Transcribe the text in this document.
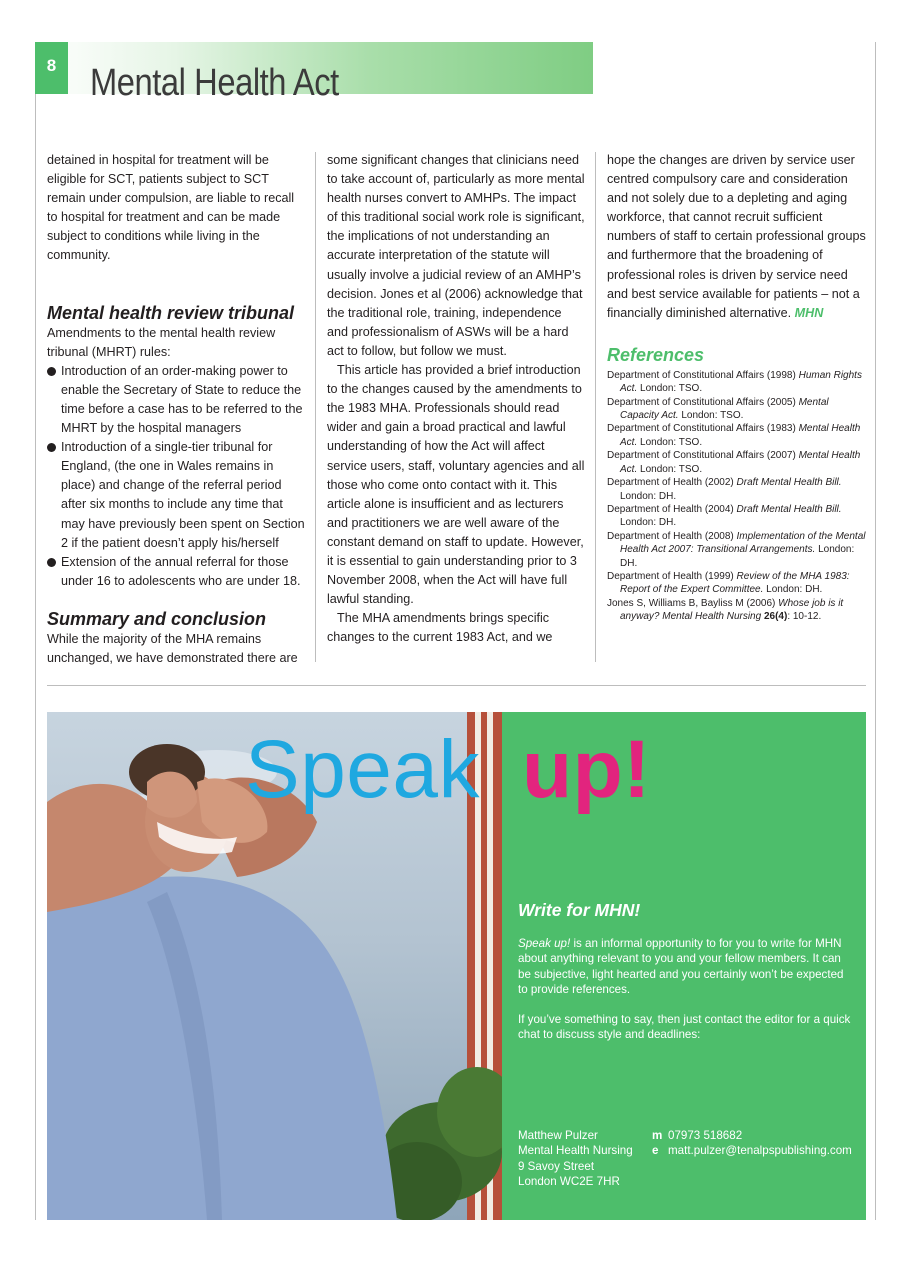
8 Mental Health Act

detained in hospital for treatment will be eligible for SCT, patients subject to SCT remain under compulsion, are liable to recall to hospital for treatment and can be made subject to conditions while living in the community.

Mental health review tribunal

Amendments to the mental health review tribunal (MHRT) rules:

Introduction of an order-making power to enable the Secretary of State to reduce the time before a case has to be referred to the MHRT by the hospital managers
Introduction of a single-tier tribunal for England, (the one in Wales remains in place) and change of the referral period after six months to include any time that may have previously been spent on Section 2 if the patient doesn’t apply his/herself
Extension of the annual referral for those under 16 to adolescents who are under 18.
Summary and conclusion

While the majority of the MHA remains unchanged, we have demonstrated there are

some significant changes that clinicians need to take account of, particularly as more mental health nurses convert to AMHPs. The impact of this traditional social work role is significant, the implications of not understanding an accurate interpretation of the statute will usually involve a judicial review of an AMHP’s decision. Jones et al (2006) acknowledge that the traditional role, training, independence and professionalism of ASWs will be a hard act to follow, but follow we must.

This article has provided a brief introduction to the changes caused by the amendments to the 1983 MHA. Professionals should read wider and gain a broad practical and lawful understanding of how the Act will affect service users, staff, voluntary agencies and all those who come onto contact with it. This article alone is insufficient and as lecturers and practitioners we are well aware of the constant demand on staff to update. However, it is essential to gain understanding prior to 3 November 2008, when the Act will have full lawful standing.

The MHA amendments brings specific changes to the current 1983 Act, and we

hope the changes are driven by service user centred compulsory care and consideration and not solely due to a depleting and aging workforce, that cannot recruit sufficient numbers of staff to certain professional groups and furthermore that the broadening of professional roles is driven by service need and best service available for patients – not a financially diminished alternative. MHN

References

Department of Constitutional Affairs (1998) Human Rights Act. London: TSO.

Department of Constitutional Affairs (2005) Mental Capacity Act. London: TSO.

Department of Constitutional Affairs (1983) Mental Health Act. London: TSO.

Department of Constitutional Affairs (2007) Mental Health Act. London: TSO.

Department of Health (2002) Draft Mental Health Bill. London: DH.

Department of Health (2004) Draft Mental Health Bill. London: DH.

Department of Health (2008) Implementation of the Mental Health Act 2007: Transitional Arrangements. London: DH.

Department of Health (1999) Review of the MHA 1983: Report of the Expert Committee. London: DH.

Jones S, Williams B, Bayliss M (2006) Whose job is it anyway? Mental Health Nursing 26(4): 10-12.

Speak up!
Write for MHN!

Speak up! is an informal opportunity to for you to write for MHN about anything relevant to you and your fellow members. It can be subjective, light hearted and you certainly won’t be expected to provide references.

If you’ve something to say, then just contact the editor for a quick chat to discuss style and deadlines:

Matthew Pulzer
Mental Health Nursing
9 Savoy Street
London WC2E 7HR
m 07973 518682
e matt.pulzer@tenalpspublishing.com
